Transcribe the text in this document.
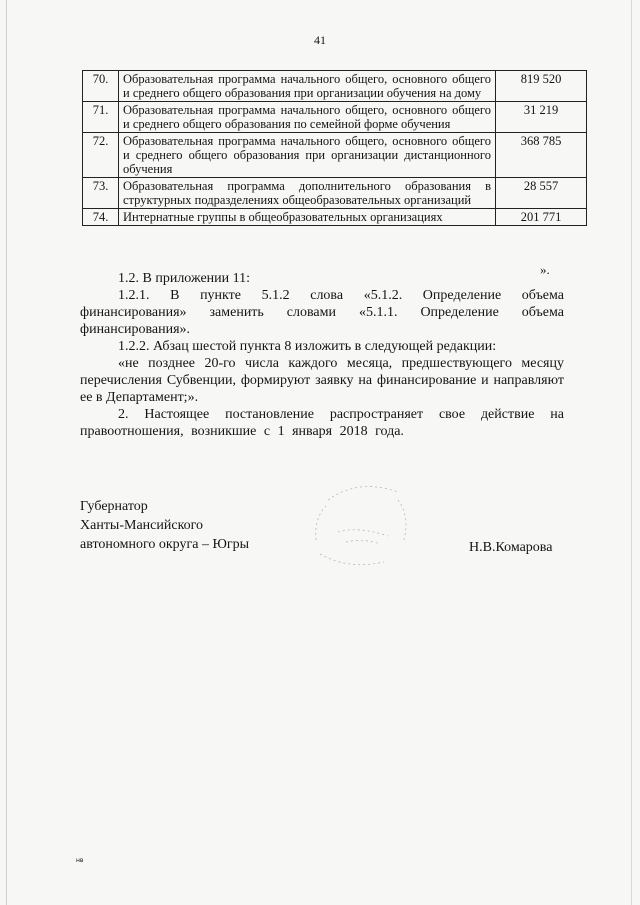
41
70.	Образовательная программа начального общего, основного общего и среднего общего образования при организации обучения на дому	819 520
71.	Образовательная программа начального общего, основного общего и среднего общего образования по семейной форме обучения	31 219
72.	Образовательная программа начального общего, основного общего и среднего общего образования при организации дистанционного обучения	368 785
73.	Образовательная программа дополнительного образования в структурных подразделениях общеобразовательных организаций	28 557
74.	Интернатные группы в общеобразовательных организациях	201 771
».

1.2. В приложении 11:

1.2.1. В пункте 5.1.2 слова «5.1.2. Определение объема финансирования» заменить словами «5.1.1. Определение объема финансирования».

1.2.2. Абзац шестой пункта 8 изложить в следующей редакции:

«не позднее 20-го числа каждого месяца, предшествующего месяцу перечисления Субвенции, формируют заявку на финансирование и направляют ее в Департамент;».

2. Настоящее постановление распространяет свое действие на правоотношения, возникшие с 1 января 2018 года.

Губернатор
Ханты-Мансийского
автономного округа – Югры	Н.В.Комарова
нв
